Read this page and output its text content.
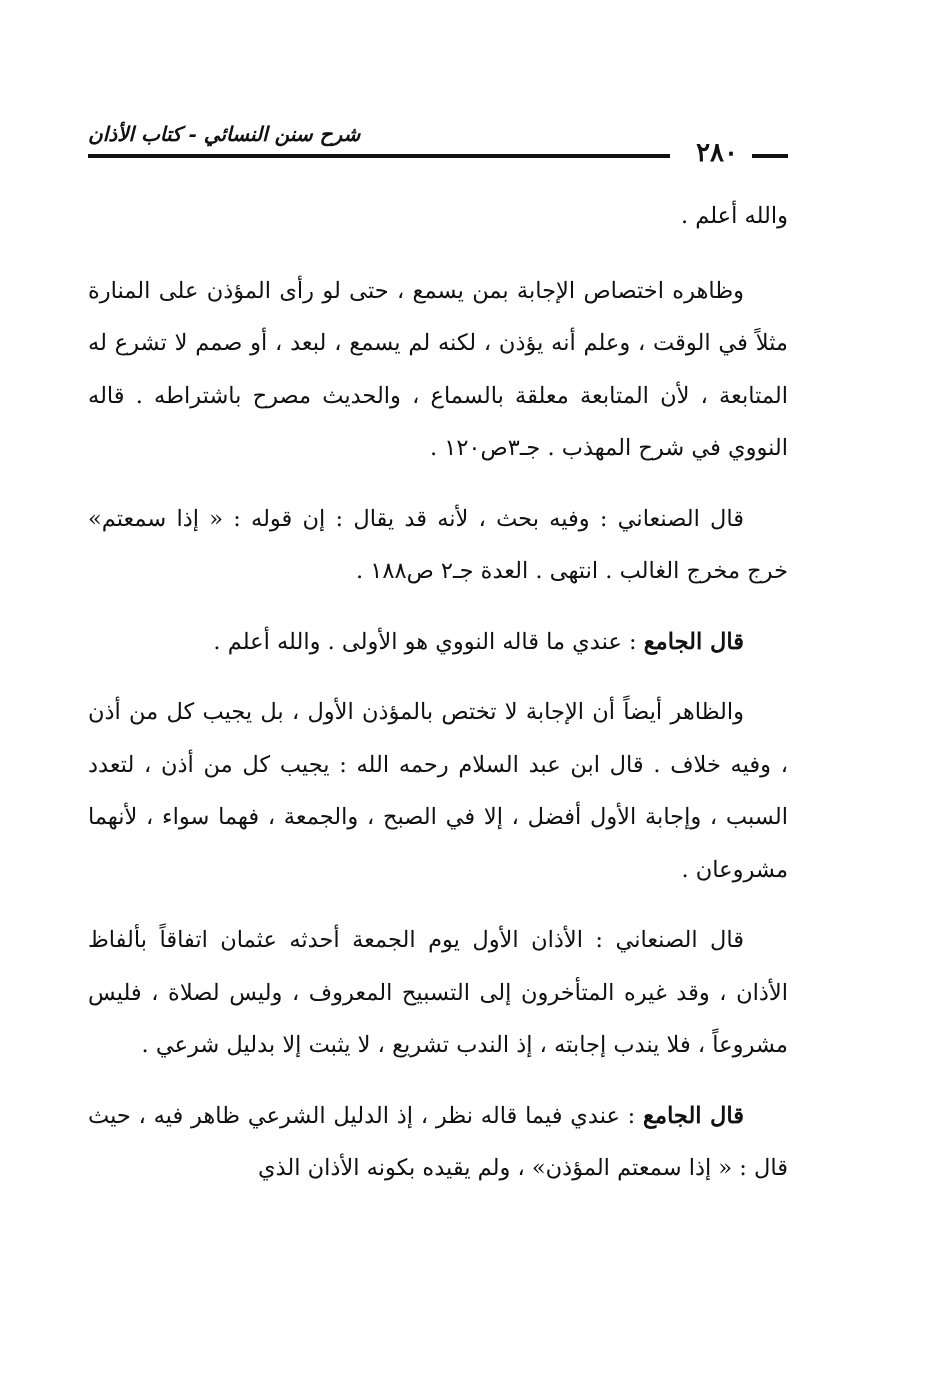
٢٨٠
شرح سنن النسائي - كتاب الأذان

والله أعلم .

وظاهره اختصاص الإجابة بمن يسمع ، حتى لو رأى المؤذن على المنارة مثلاً في الوقت ، وعلم أنه يؤذن ، لكنه لم يسمع ، لبعد ، أو صمم لا تشرع له المتابعة ، لأن المتابعة معلقة بالسماع ، والحديث مصرح باشتراطه . قاله النووي في شرح المهذب . جـ٣ص١٢٠ .

قال الصنعاني : وفيه بحث ، لأنه قد يقال : إن قوله : « إذا سمعتم» خرج مخرج الغالب . انتهى . العدة جـ٢ ص١٨٨ .

قال الجامع : عندي ما قاله النووي هو الأولى . والله أعلم .

والظاهر أيضاً أن الإجابة لا تختص بالمؤذن الأول ، بل يجيب كل من أذن ، وفيه خلاف . قال ابن عبد السلام رحمه الله : يجيب كل من أذن ، لتعدد السبب ، وإجابة الأول أفضل ، إلا في الصبح ، والجمعة ، فهما سواء ، لأنهما مشروعان .

قال الصنعاني : الأذان الأول يوم الجمعة أحدثه عثمان اتفاقاً بألفاظ الأذان ، وقد غيره المتأخرون إلى التسبيح المعروف ، وليس لصلاة ، فليس مشروعاً ، فلا يندب إجابته ، إذ الندب تشريع ، لا يثبت إلا بدليل شرعي .

قال الجامع : عندي فيما قاله نظر ، إذ الدليل الشرعي ظاهر فيه ، حيث قال : « إذا سمعتم المؤذن» ، ولم يقيده بكونه الأذان الذي
